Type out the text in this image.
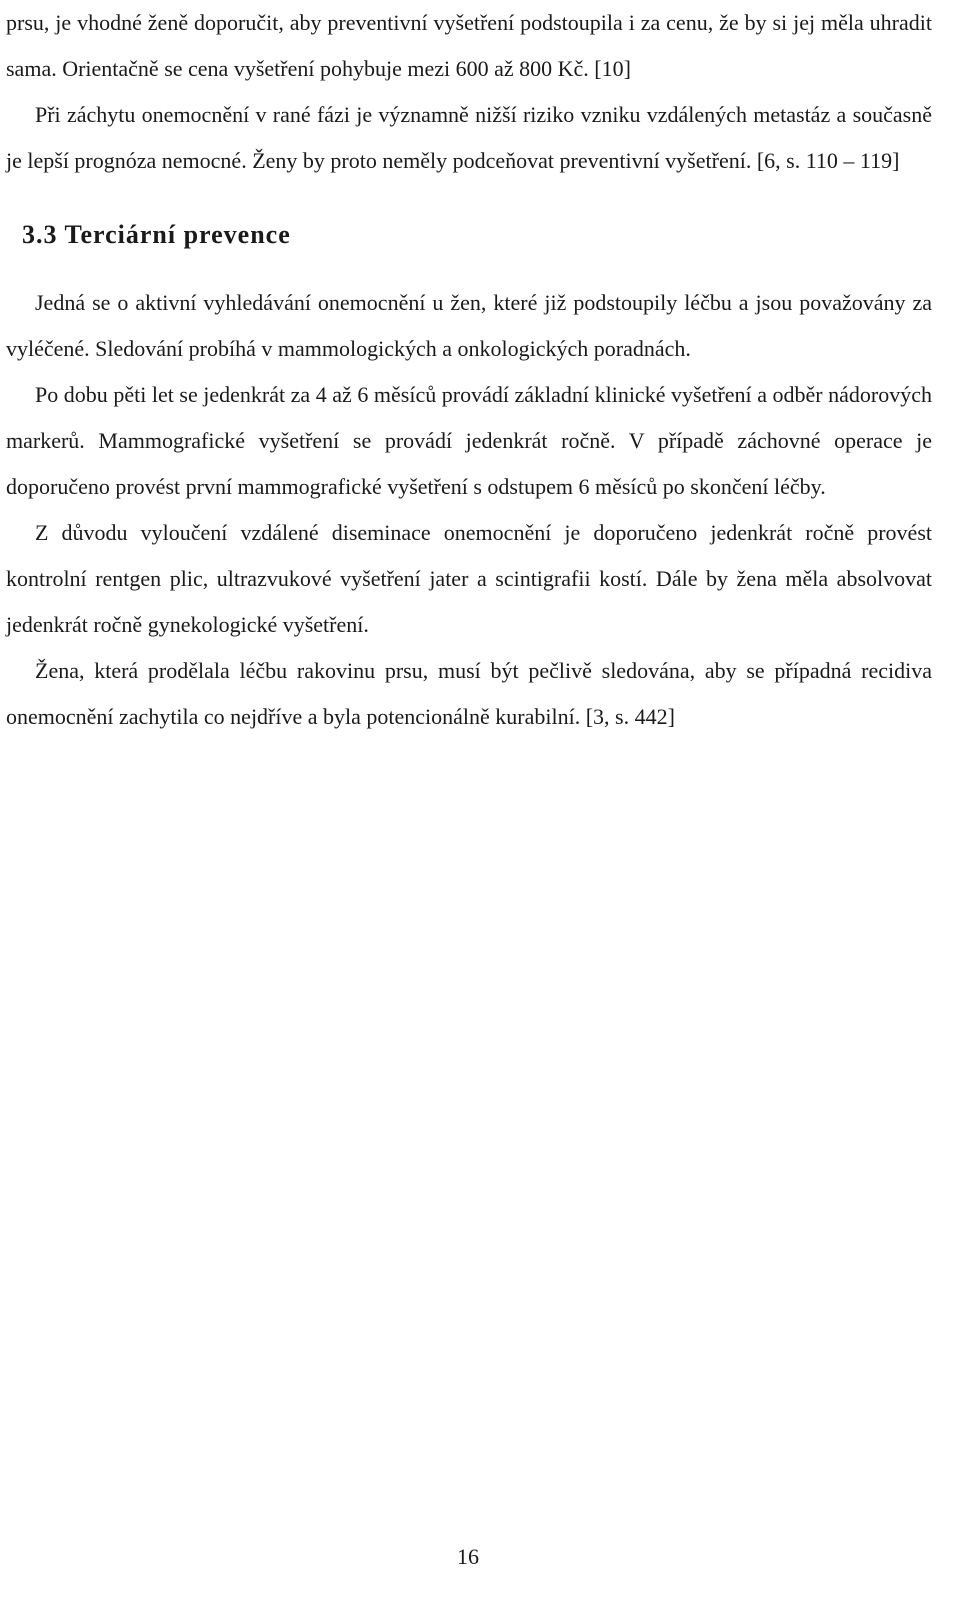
prsu, je vhodné ženě doporučit, aby preventivní vyšetření podstoupila i za cenu, že by si jej měla uhradit sama. Orientačně se cena vyšetření pohybuje mezi 600 až 800 Kč. [10]

Při záchytu onemocnění v rané fázi je významně nižší riziko vzniku vzdálených metastáz a současně je lepší prognóza nemocné. Ženy by proto neměly podceňovat preventivní vyšetření. [6, s. 110 – 119]

3.3 Terciární prevence

Jedná se o aktivní vyhledávání onemocnění u žen, které již podstoupily léčbu a jsou považovány za vyléčené. Sledování probíhá v mammologických a onkologických poradnách.

Po dobu pěti let se jedenkrát za 4 až 6 měsíců provádí základní klinické vyšetření a odběr nádorových markerů. Mammografické vyšetření se provádí jedenkrát ročně. V případě záchovné operace je doporučeno provést první mammografické vyšetření s odstupem 6 měsíců po skončení léčby.

Z důvodu vyloučení vzdálené diseminace onemocnění je doporučeno jedenkrát ročně provést kontrolní rentgen plic, ultrazvukové vyšetření jater a scintigrafii kostí. Dále by žena měla absolvovat jedenkrát ročně gynekologické vyšetření.

Žena, která prodělala léčbu rakovinu prsu, musí být pečlivě sledována, aby se případná recidiva onemocnění zachytila co nejdříve a byla potencionálně kurabilní. [3, s. 442]

16
